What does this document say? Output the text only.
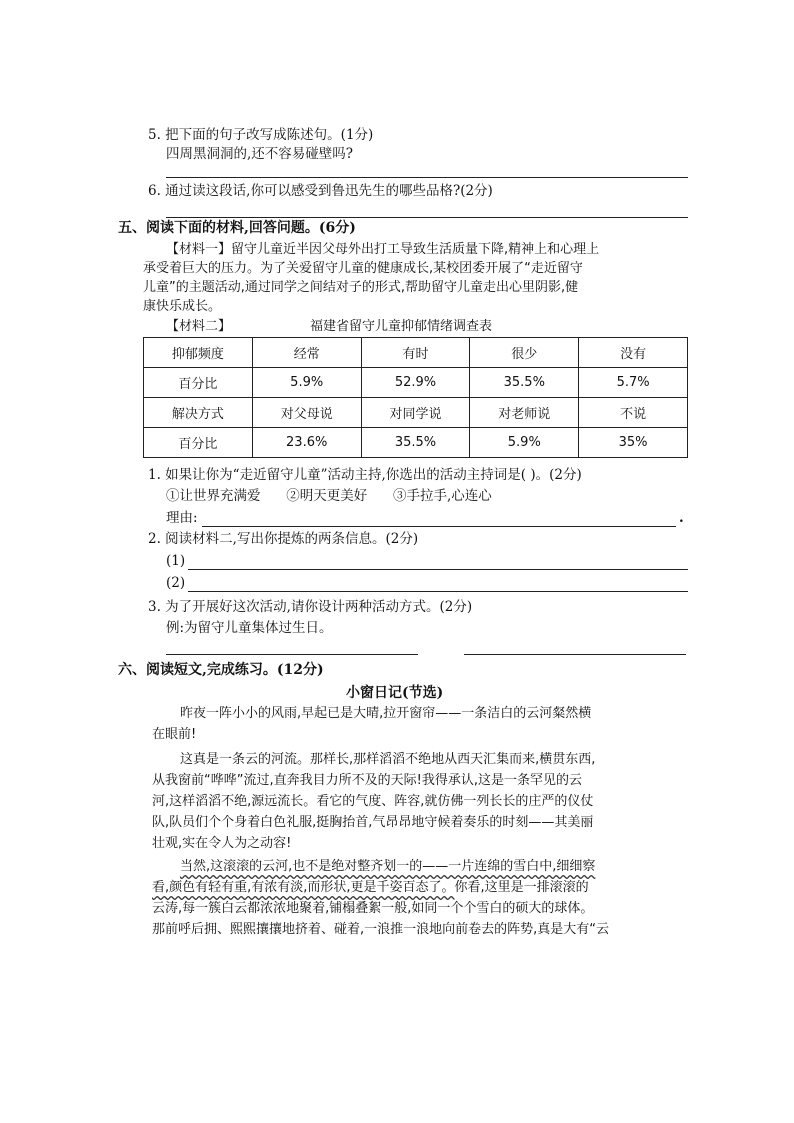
5. 把下面的句子改写成陈述句。(1分)
四周黑洞洞的,还不容易碰壁吗?
6. 通过读这段话,你可以感受到鲁迅先生的哪些品格?(2分)
五、阅读下面的材料,回答问题。(6分)
【材料一】留守儿童近半因父母外出打工导致生活质量下降,精神上和心理上
承受着巨大的压力。为了关爱留守儿童的健康成长,某校团委开展了“走近留守
儿童”的主题活动,通过同学之间结对子的形式,帮助留守儿童走出心里阴影,健
康快乐成长。
【材料二】	福建省留守儿童抑郁情绪调查表
抑郁频度	经常	有时	很少	没有
百分比	5.9%	52.9%	35.5%	5.7%
解决方式	对父母说	对同学说	对老师说	不说
百分比	23.6%	35.5%	5.9%	35%
1. 如果让你为“走近留守儿童”活动主持,你选出的活动主持词是( )。(2分)
①让世界充满爱      ②明天更美好      ③手拉手,心连心
理由:	.
2. 阅读材料二,写出你提炼的两条信息。(2分)
(1)
(2)
3. 为了开展好这次活动,请你设计两种活动方式。(2分)
例:为留守儿童集体过生日。
六、阅读短文,完成练习。(12分)
小窗日记(节选)
昨夜一阵小小的风雨,早起已是大晴,拉开窗帘——一条洁白的云河粲然横
在眼前!
这真是一条云的河流。那样长,那样滔滔不绝地从西天汇集而来,横贯东西,
从我窗前“哗哗”流过,直奔我目力所不及的天际!我得承认,这是一条罕见的云
河,这样滔滔不绝,源远流长。看它的气度、阵容,就仿佛一列长长的庄严的仪仗
队,队员们个个身着白色礼服,挺胸抬首,气昂昂地守候着奏乐的时刻——其美丽
壮观,实在令人为之动容!
当然,这滚滚的云河,也不是绝对整齐划一的——一片连绵的雪白中,细细察
看,颜色有轻有重,有浓有淡,而形状,更是千姿百态了。你看,这里是一排滚滚的
云涛,每一簇白云都浓浓地聚着,铺榻叠絮一般,如同一个个雪白的硕大的球体。
那前呼后拥、熙熙攘攘地挤着、碰着,一浪推一浪地向前卷去的阵势,真是大有“云
